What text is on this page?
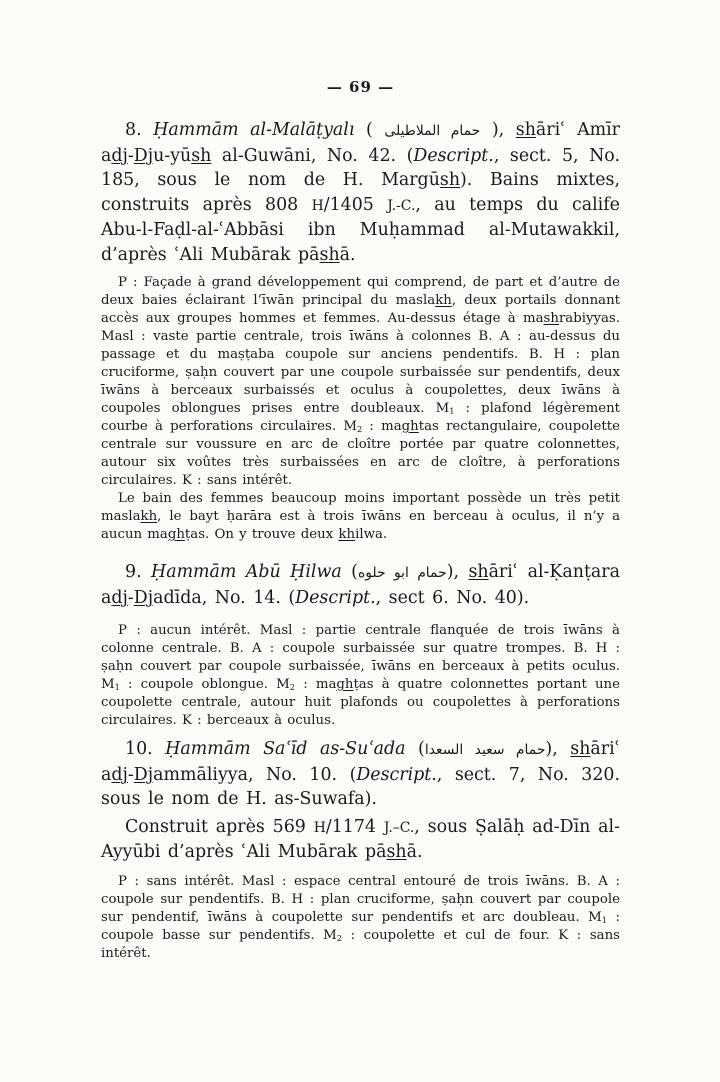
— 69 —

8. Ḥammām al-Malāṭyalı ( حمام الملاطيلى ), shāriʿ Amīr adj-Dju-yūsh al-Guwāni, No. 42. (Descript., sect. 5, No. 185, sous le nom de H. Margūsh). Bains mixtes, construits après 808 H/1405 J.-C., au temps du calife Abu-l-Faḍl-al-ʿAbbāsi ibn Muḥammad al-Mutawakkil, d’après ʿAli Mubārak pāshā.

P : Façade à grand développement qui comprend, de part et d’autre de deux baies éclairant l’īwān principal du maslakh, deux portails donnant accès aux groupes hommes et femmes. Au-dessus étage à mashrabiyyas. Masl : vaste partie centrale, trois īwāns à colonnes B. A : au-dessus du passage et du maṣṭaba coupole sur anciens pendentifs. B. H : plan cruciforme, ṣaḥn couvert par une coupole surbaissée sur pendentifs, deux īwāns à berceaux surbaissés et oculus à coupolettes, deux īwāns à coupoles oblongues prises entre doubleaux. $M_1$ : plafond légèrement courbe à perforations circulaires. $M_2$ : maghtas rectangulaire, coupolette centrale sur voussure en arc de cloître portée par quatre colonnettes, autour six voûtes très surbaissées en arc de cloître, à perforations circulaires. K : sans intérêt.

Le bain des femmes beaucoup moins important possède un très petit maslakh, le bayt ḥarāra est à trois īwāns en berceau à oculus, il n’y a aucun maghṭas. On y trouve deux khilwa.

9. Ḥammām Abū Ḥilwa (حمام ابو حلوه), shāriʿ al-Ḳanṭara adj-Djadīda, No. 14. (Descript., sect 6. No. 40).

P : aucun intérêt. Masl : partie centrale flanquée de trois īwāns à colonne centrale. B. A : coupole surbaissée sur quatre trompes. B. H : ṣaḥn couvert par coupole surbaissée, īwāns en berceaux à petits oculus. $M_1$ : coupole oblongue. $M_2$ : maghṭas à quatre colonnettes portant une coupolette centrale, autour huit plafonds ou coupolettes à perforations circulaires. K : berceaux à oculus.

10. Ḥammām Saʿīd as-Suʿada (حمام سعيد السعدا), shāriʿ adj-Djammāliyya, No. 10. (Descript., sect. 7, No. 320. sous le nom de H. as-Suwafa).

Construit après 569 H/1174 J.–C., sous Ṣalāḥ ad-Dīn al-Ayyūbi d’après ʿAli Mubārak pāshā.

P : sans intérêt. Masl : espace central entouré de trois īwāns. B. A : coupole sur pendentifs. B. H : plan cruciforme, ṣaḥn couvert par coupole sur pendentif, īwāns à coupolette sur pendentifs et arc doubleau. $M_1$ : coupole basse sur pendentifs. $M_2$ : coupolette et cul de four. K : sans intérêt.
